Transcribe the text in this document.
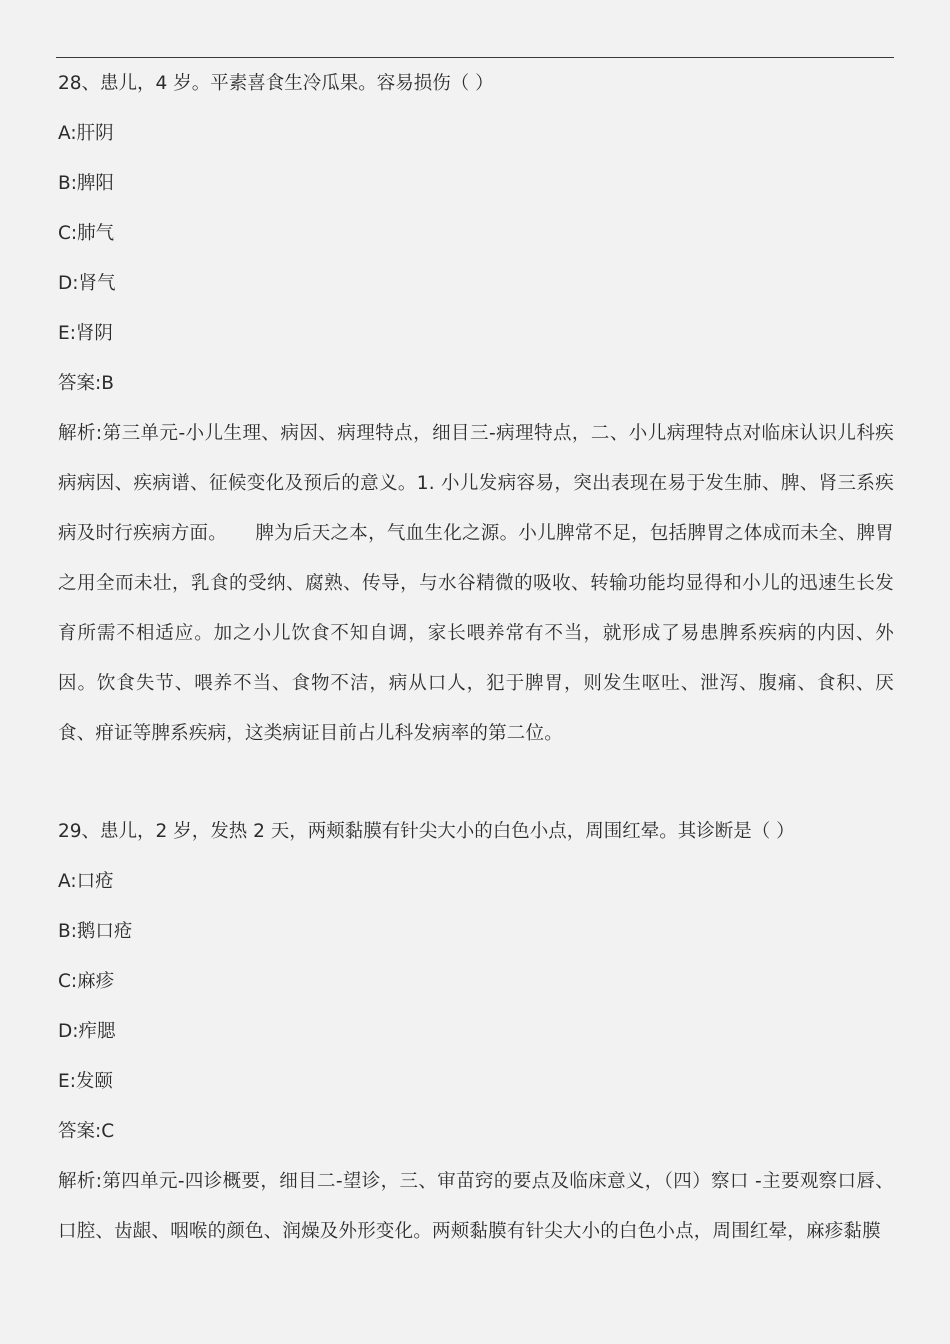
28、患儿，4 岁。平素喜食生冷瓜果。容易损伤（ ）

A:肝阴

B:脾阳

C:肺气

D:肾气

E:肾阴

答案:B

解析:第三单元-小儿生理、病因、病理特点，细目三-病理特点，二、小儿病理特点对临床认识儿科疾病病因、疾病谱、征候变化及预后的意义。1. 小儿发病容易，突出表现在易于发生肺、脾、肾三系疾病及时行疾病方面。　　脾为后天之本，气血生化之源。小儿脾常不足，包括脾胃之体成而未全、脾胃之用全而未壮，乳食的受纳、腐熟、传导，与水谷精微的吸收、转输功能均显得和小儿的迅速生长发育所需不相适应。加之小儿饮食不知自调，家长喂养常有不当，就形成了易患脾系疾病的内因、外因。饮食失节、喂养不当、食物不洁，病从口人，犯于脾胃，则发生呕吐、泄泻、腹痛、食积、厌食、疳证等脾系疾病，这类病证目前占儿科发病率的第二位。

29、患儿，2 岁，发热 2 天，两颊黏膜有针尖大小的白色小点，周围红晕。其诊断是（ ）

A:口疮

B:鹅口疮

C:麻疹

D:痄腮

E:发颐

答案:C

解析:第四单元-四诊概要，细目二-望诊，三、审苗窍的要点及临床意义，（四）察口 -主要观察口唇、口腔、齿龈、咽喉的颜色、润燥及外形变化。两颊黏膜有针尖大小的白色小点，周围红晕，麻疹黏膜
